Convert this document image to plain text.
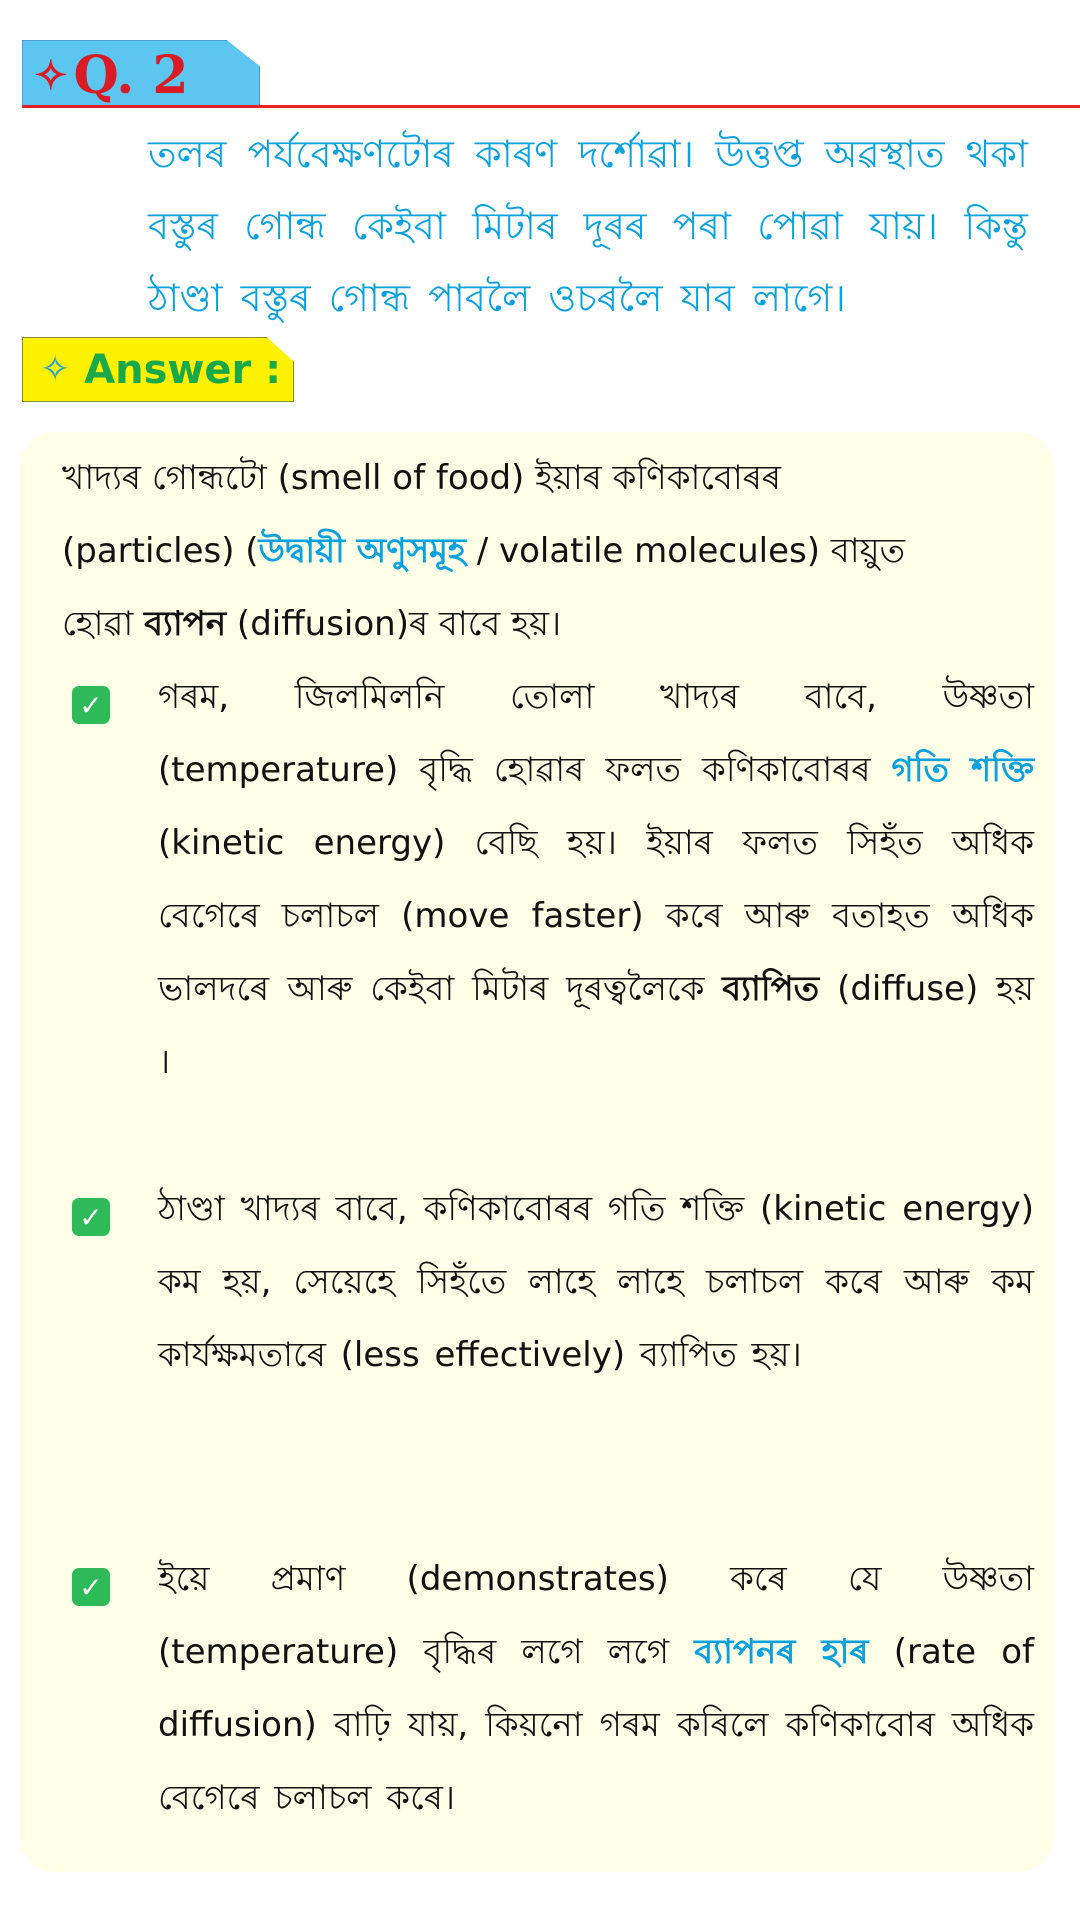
✧ Q. 2
তলৰ পৰ্যবেক্ষণটোৰ কাৰণ দৰ্শোৱা। উত্তপ্ত অৱস্থাত থকা বস্তুৰ গোন্ধ কেইবা মিটাৰ দূৰৰ পৰা পোৱা যায়। কিন্তু ঠাণ্ডা বস্তুৰ গোন্ধ পাবলৈ ওচৰলৈ যাব লাগে।
✧ Answer :
খাদ্যৰ গোন্ধটো (smell of food) ইয়াৰ কণিকাবোৰৰ (particles) (উদ্বায়ী অণুসমূহ / volatile molecules) বায়ুত হোৱা ব্যাপন (diffusion)ৰ বাবে হয়।
✓ গৰম, জিলমিলনি তোলা খাদ্যৰ বাবে, উষ্ণতা (temperature) বৃদ্ধি হোৱাৰ ফলত কণিকাবোৰৰ গতি শক্তি (kinetic energy) বেছি হয়। ইয়াৰ ফলত সিহঁত অধিক বেগেৰে চলাচল (move faster) কৰে আৰু বতাহত অধিক ভালদৰে আৰু কেইবা মিটাৰ দূৰত্বলৈকে ব্যাপিত (diffuse) হয় ।
✓ ঠাণ্ডা খাদ্যৰ বাবে, কণিকাবোৰৰ গতি শক্তি (kinetic energy) কম হয়, সেয়েহে সিহঁতে লাহে লাহে চলাচল কৰে আৰু কম কাৰ্যক্ষমতাৰে (less effectively) ব্যাপিত হয়।
✓ ইয়ে প্ৰমাণ (demonstrates) কৰে যে উষ্ণতা (temperature) বৃদ্ধিৰ লগে লগে ব্যাপনৰ হাৰ (rate of diffusion) বাঢ়ি যায়, কিয়নো গৰম কৰিলে কণিকাবোৰ অধিক বেগেৰে চলাচল কৰে।
